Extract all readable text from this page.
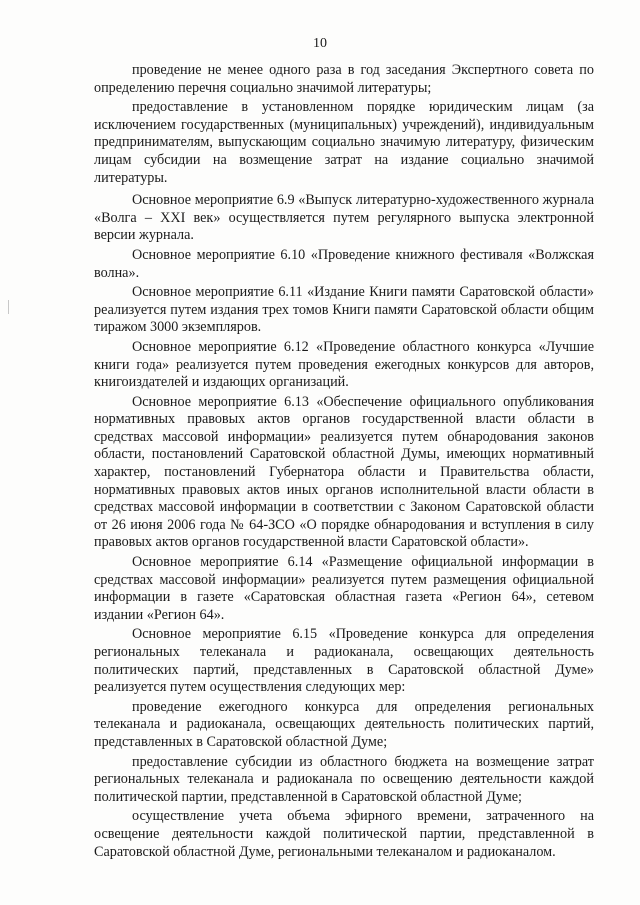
10

проведение не менее одного раза в год заседания Экспертного совета по определению перечня социально значимой литературы;

предоставление в установленном порядке юридическим лицам (за исключением государственных (муниципальных) учреждений), индивидуальным предпринимателям, выпускающим социально значимую литературу, физическим лицам субсидии на возмещение затрат на издание социально значимой литературы.

Основное мероприятие 6.9 «Выпуск литературно-художественного журнала «Волга – XXI век» осуществляется путем регулярного выпуска электронной версии журнала.

Основное мероприятие 6.10 «Проведение книжного фестиваля «Волжская волна».

Основное мероприятие 6.11 «Издание Книги памяти Саратовской области» реализуется путем издания трех томов Книги памяти Саратовской области общим тиражом 3000 экземпляров.

Основное мероприятие 6.12 «Проведение областного конкурса «Лучшие книги года» реализуется путем проведения ежегодных конкурсов для авторов, книгоиздателей и издающих организаций.

Основное мероприятие 6.13 «Обеспечение официального опубликования нормативных правовых актов органов государственной власти области в средствах массовой информации» реализуется путем обнародования законов области, постановлений Саратовской областной Думы, имеющих нормативный характер, постановлений Губернатора области и Правительства области, нормативных правовых актов иных органов исполнительной власти области в средствах массовой информации в соответствии с Законом Саратовской области от 26 июня 2006 года № 64-ЗСО «О порядке обнародования и вступления в силу правовых актов органов государственной власти Саратовской области».

Основное мероприятие 6.14 «Размещение официальной информации в средствах массовой информации» реализуется путем размещения официальной информации в газете «Саратовская областная газета «Регион 64», сетевом издании «Регион 64».

Основное мероприятие 6.15 «Проведение конкурса для определения региональных телеканала и радиоканала, освещающих деятельность политических партий, представленных в Саратовской областной Думе» реализуется путем осуществления следующих мер:

проведение ежегодного конкурса для определения региональных телеканала и радиоканала, освещающих деятельность политических партий, представленных в Саратовской областной Думе;

предоставление субсидии из областного бюджета на возмещение затрат региональных телеканала и радиоканала по освещению деятельности каждой политической партии, представленной в Саратовской областной Думе;

осуществление учета объема эфирного времени, затраченного на освещение деятельности каждой политической партии, представленной в Саратовской областной Думе, региональными телеканалом и радиоканалом.
